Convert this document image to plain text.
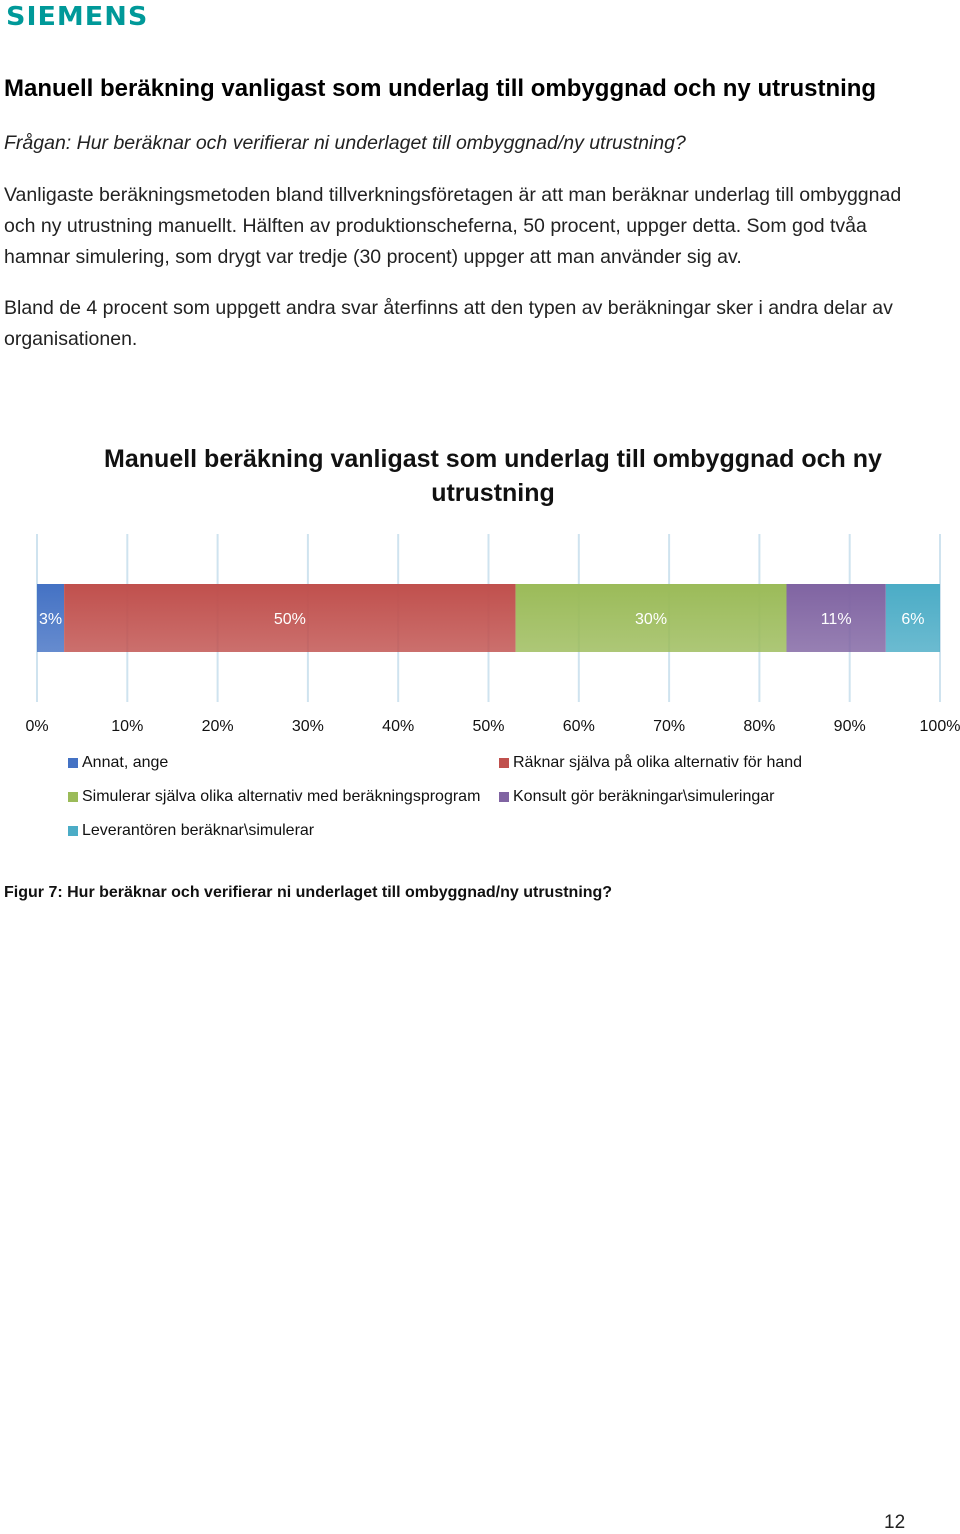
SIEMENS
Manuell beräkning vanligast som underlag till ombyggnad och ny utrustning

Frågan: Hur beräknar och verifierar ni underlaget till ombyggnad/ny utrustning?

Vanligaste beräkningsmetoden bland tillverkningsföretagen är att man beräknar underlag till ombyggnad och ny utrustning manuellt. Hälften av produktionscheferna, 50 procent, uppger detta. Som god tvåa hamnar simulering, som drygt var tredje (30 procent) uppger att man använder sig av.

Bland de 4 procent som uppgett andra svar återfinns att den typen av beräkningar sker i andra delar av organisationen.

Manuell beräkning vanligast som underlag till ombyggnad och ny
utrustning
0%	10%	20%	30%	40%	50%	60%	70%	80%	90%	100%
3%	50%	30%	11%	6%
Annat, ange	Räknar själva på olika alternativ för hand
Simulerar själva olika alternativ med beräkningsprogram Konsult gör beräkningar\simuleringar
Leverantören beräknar\simulerar

Figur 7: Hur beräknar och verifierar ni underlaget till ombyggnad/ny utrustning?

12
